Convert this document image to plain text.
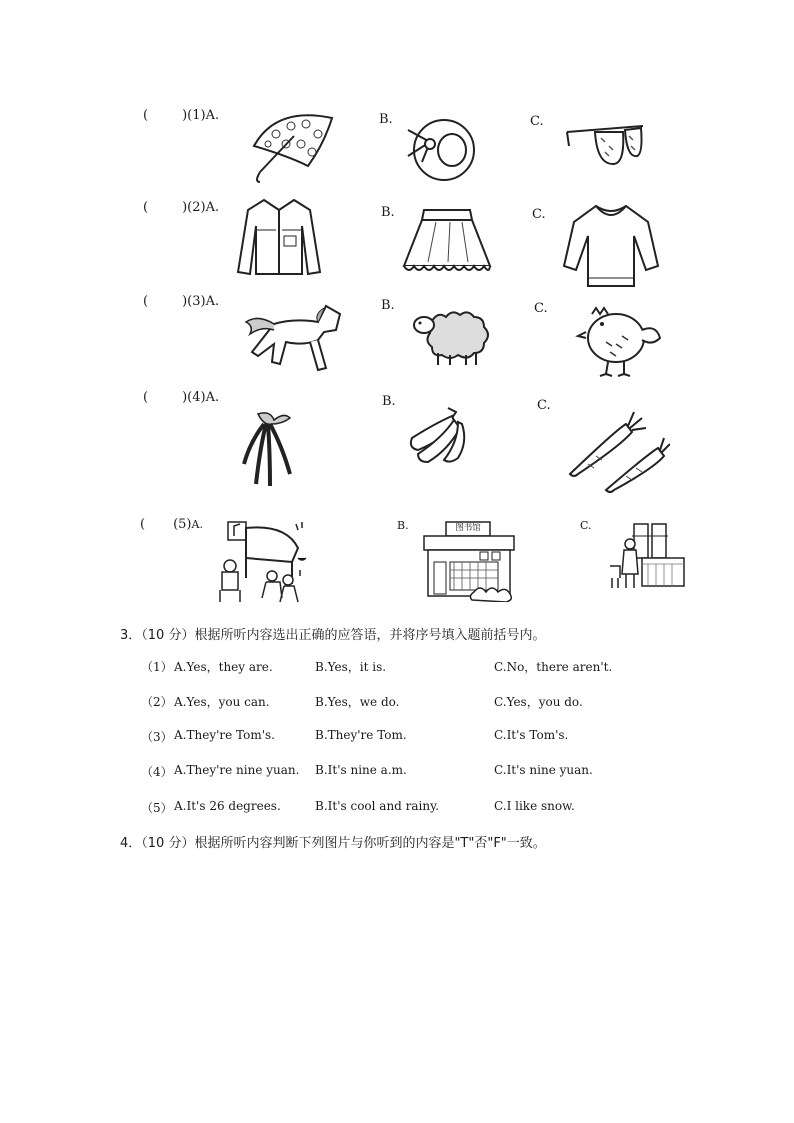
(	)(1)A.	B.	C.
(	)(2)A.	B.	C.
(	)(3)A.	B.	C.
(	)(4)A.	B.	C.
( (5)A.	B.	图书馆	C.
3．（10 分）根据所听内容选出正确的应答语，并将序号填入题前括号内。
（1） A.Yes，they are.	B.Yes，it is.	C.No，there aren't.
（2） A.Yes，you can.	B.Yes，we do.	C.Yes，you do.
（3） A.They're Tom's.	B.They're Tom.	C.It's Tom's.
（4） A.They're nine yuan. B.It's nine a.m.	C.It's nine yuan.
（5） A.It's 26 degrees.	B.It's cool and rainy.	C.I like snow.
4．（10 分）根据所听内容判断下列图片与你听到的内容是"T"否"F"一致。
